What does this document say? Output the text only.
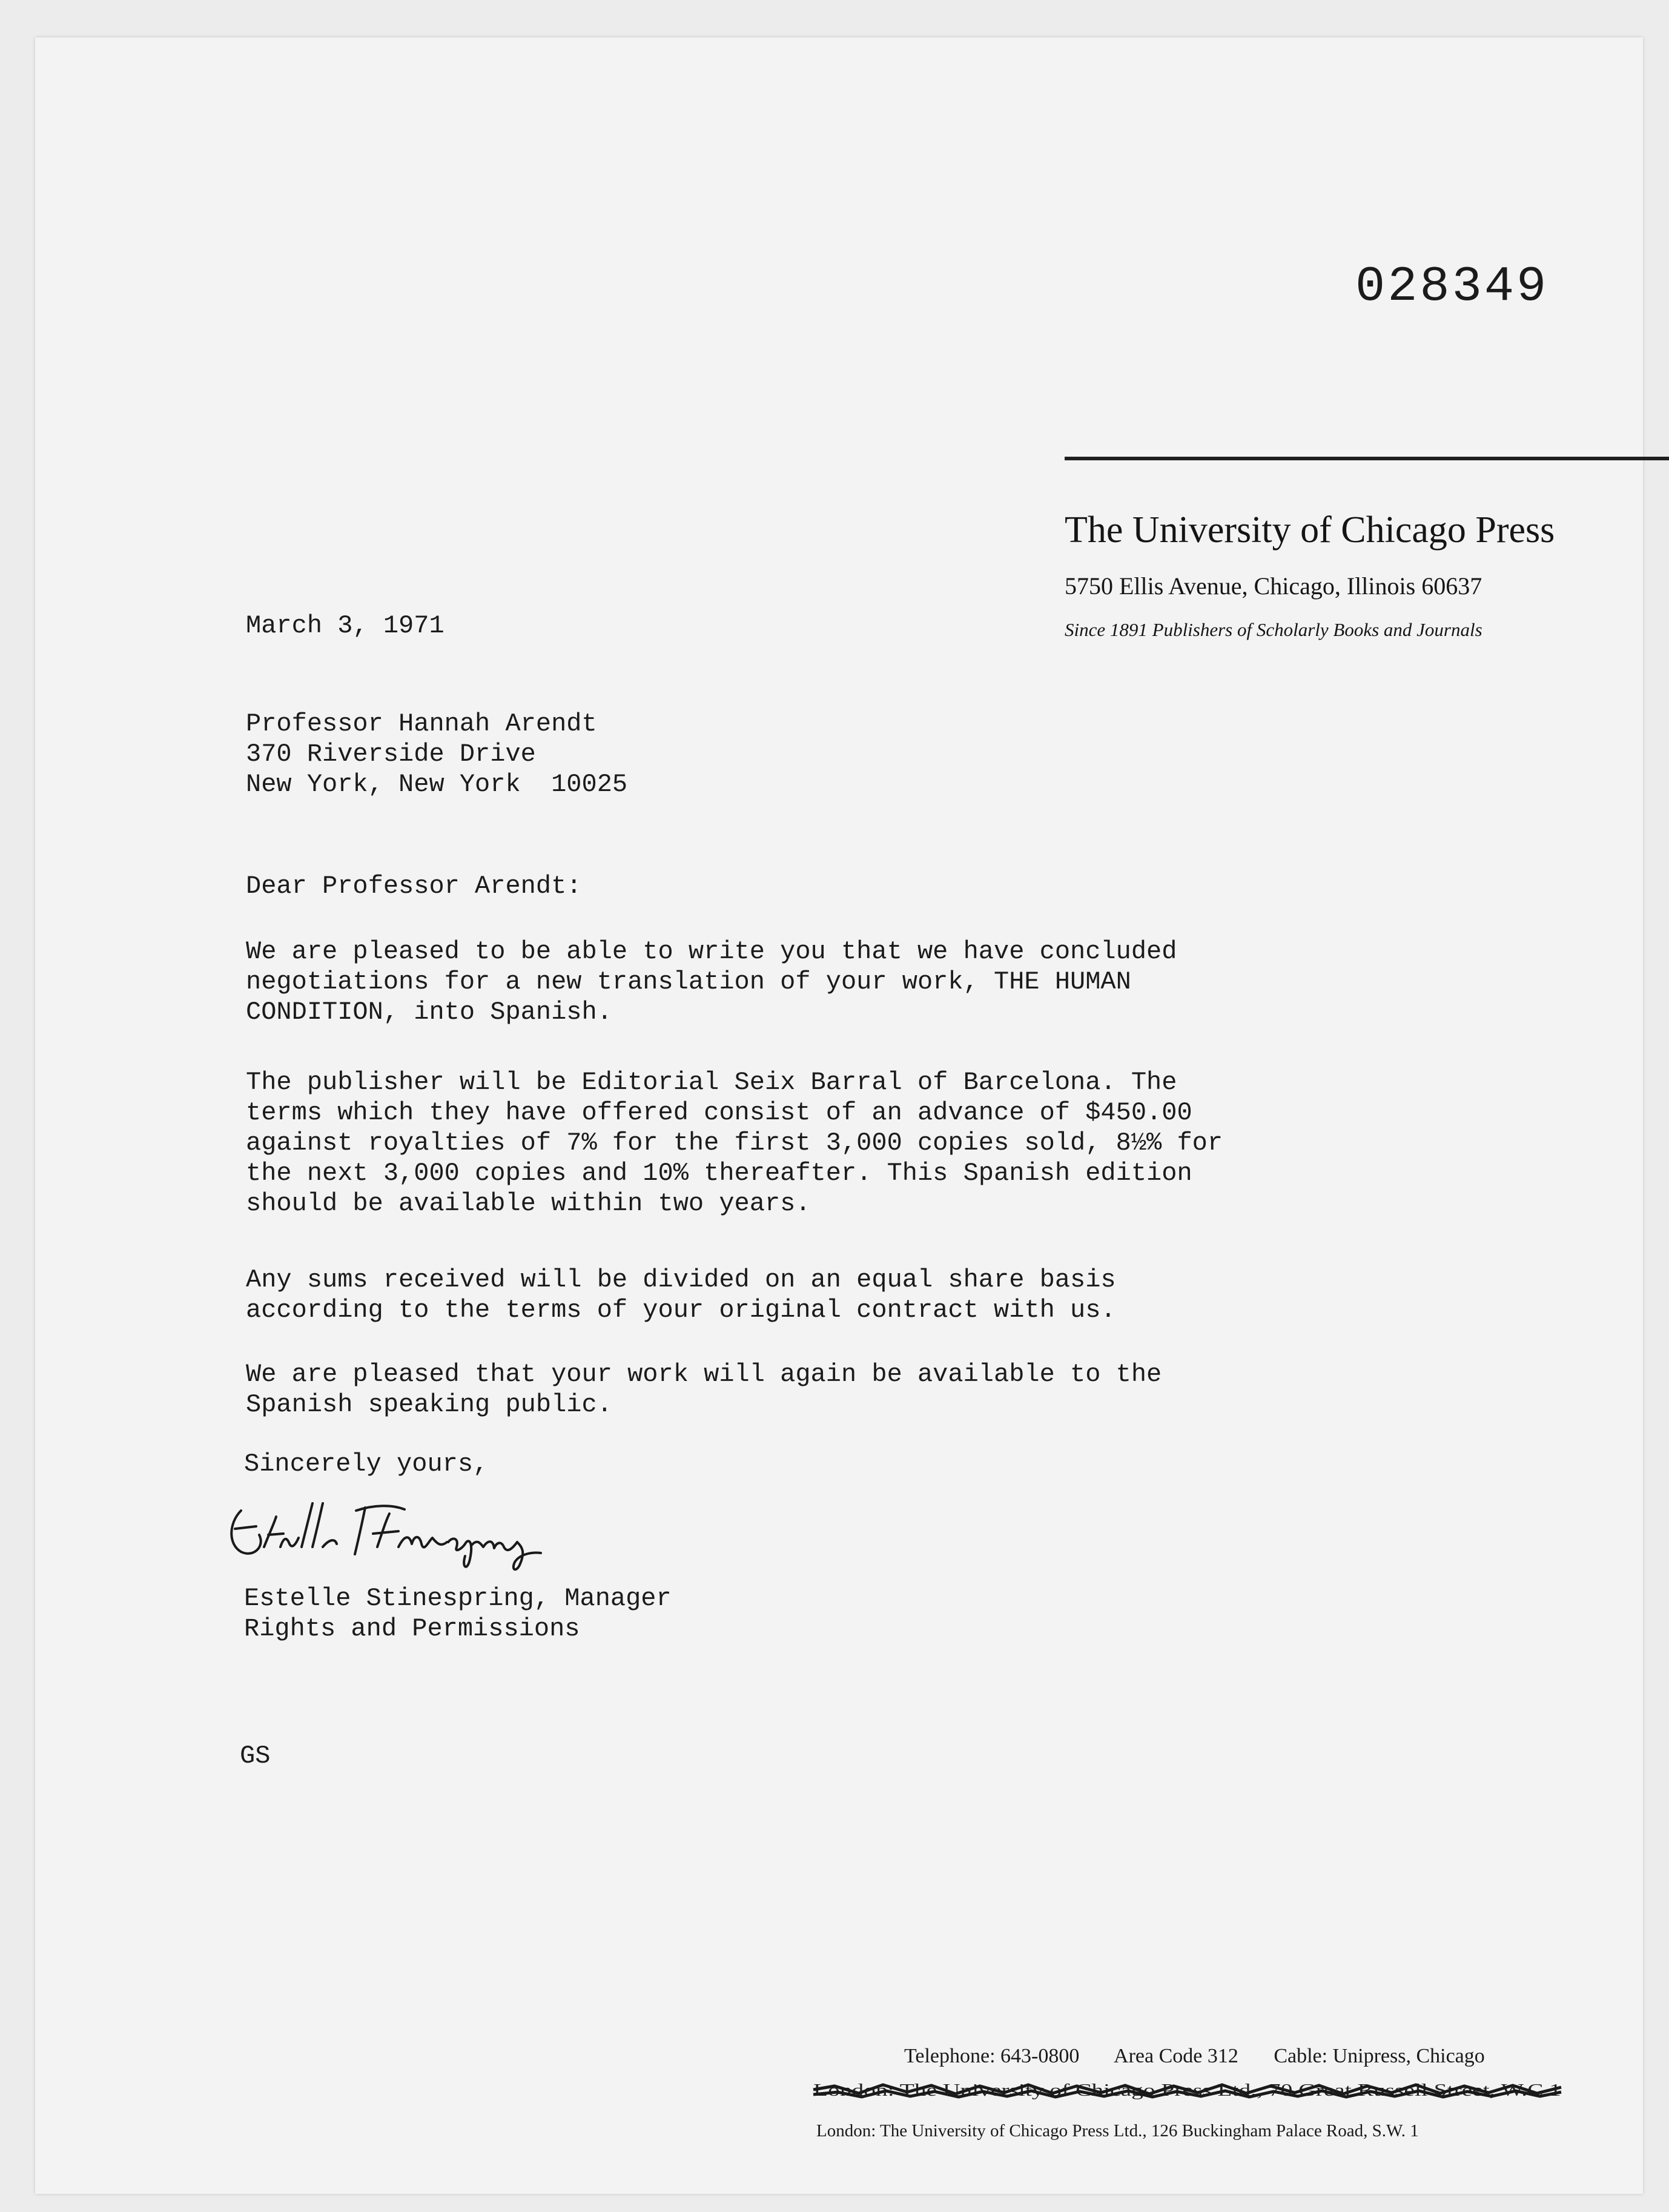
028349
The University of Chicago Press
5750 Ellis Avenue, Chicago, Illinois 60637
Since 1891 Publishers of Scholarly Books and Journals
March 3, 1971
Professor Hannah Arendt
370 Riverside Drive
New York, New York  10025
Dear Professor Arendt:
We are pleased to be able to write you that we have concluded
negotiations for a new translation of your work, THE HUMAN
CONDITION, into Spanish.
The publisher will be Editorial Seix Barral of Barcelona. The
terms which they have offered consist of an advance of $450.00
against royalties of 7% for the first 3,000 copies sold, 8½% for
the next 3,000 copies and 10% thereafter. This Spanish edition
should be available within two years.
Any sums received will be divided on an equal share basis
according to the terms of your original contract with us.
We are pleased that your work will again be available to the
Spanish speaking public.
Sincerely yours,
Estelle Stinespring, Manager
Rights and Permissions
GS
Telephone: 643-0800 Area Code 312 Cable: Unipress, Chicago
London: The University of Chicago Press Ltd., 70 Great Russell Street, W.C.1
London: The University of Chicago Press Ltd., 126 Buckingham Palace Road, S.W. 1
